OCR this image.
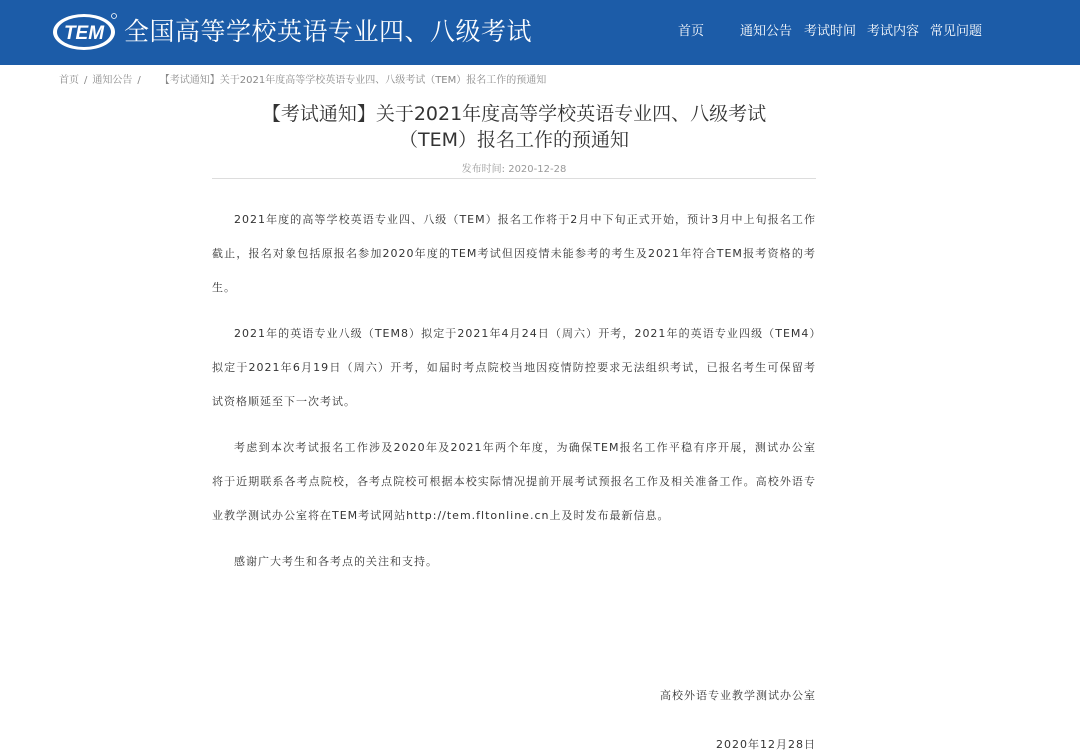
TEM 全国高等学校英语专业四、八级考试	首页	通知公告 考试时间 考试内容 常见问题
首页 / 通知公告 / 【考试通知】关于2021年度高等学校英语专业四、八级考试（TEM）报名工作的预通知
【考试通知】关于2021年度高等学校英语专业四、八级考试
（TEM）报名工作的预通知
发布时间: 2020-12-28

2021年度的高等学校英语专业四、八级（TEM）报名工作将于2月中下旬正式开始，预计3月中上旬报名工作截止，报名对象包括原报名参加2020年度的TEM考试但因疫情未能参考的考生及2021年符合TEM报考资格的考生。

2021年的英语专业八级（TEM8）拟定于2021年4月24日（周六）开考，2021年的英语专业四级（TEM4）拟定于2021年6月19日（周六）开考，如届时考点院校当地因疫情防控要求无法组织考试，已报名考生可保留考试资格顺延至下一次考试。

考虑到本次考试报名工作涉及2020年及2021年两个年度，为确保TEM报名工作平稳有序开展，测试办公室将于近期联系各考点院校，各考点院校可根据本校实际情况提前开展考试预报名工作及相关准备工作。高校外语专业教学测试办公室将在TEM考试网站http://tem.fltonline.cn上及时发布最新信息。

感谢广大考生和各考点的关注和支持。

高校外语专业教学测试办公室
2020年12月28日
